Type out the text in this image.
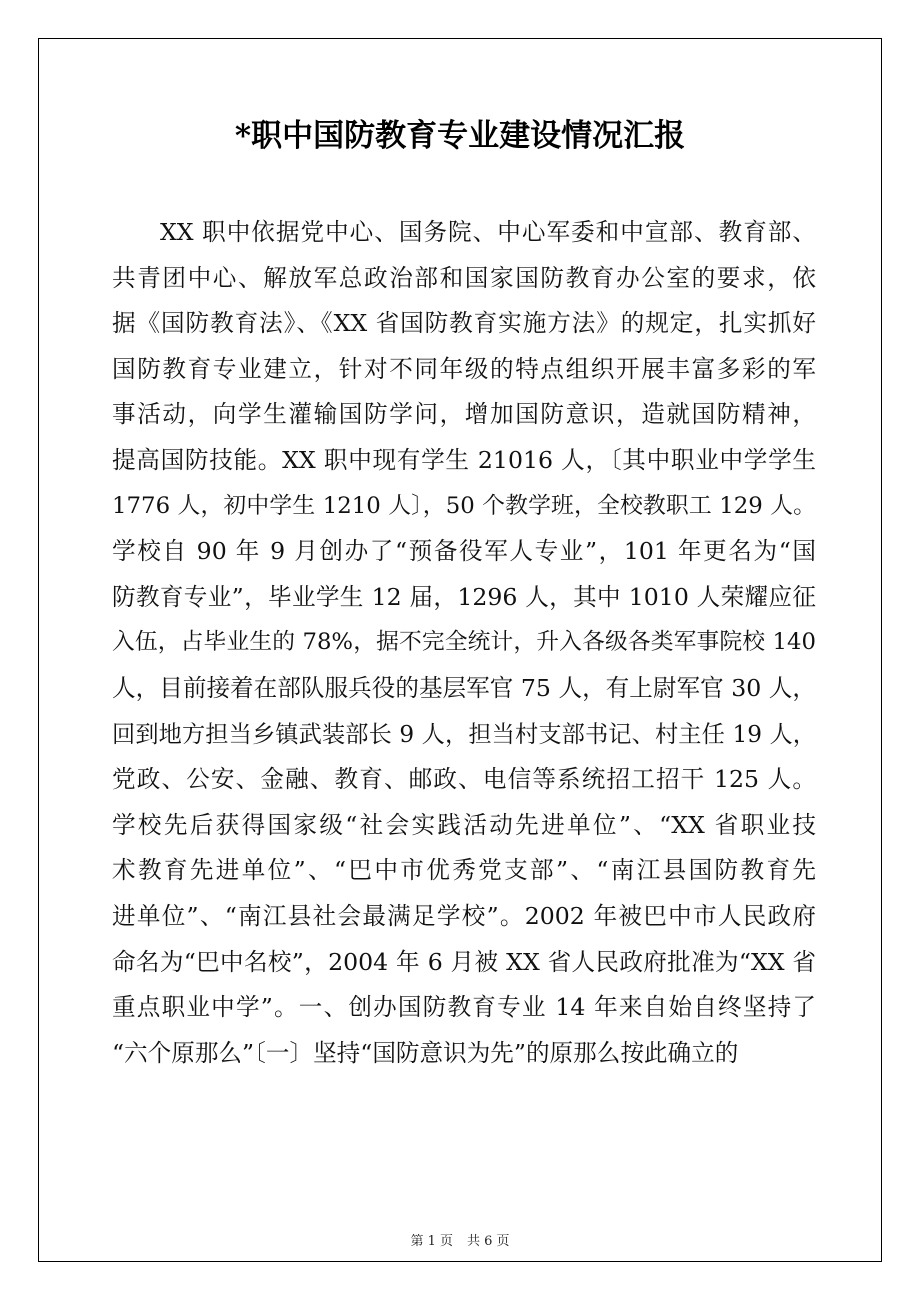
*职中国防教育专业建设情况汇报
XX 职中依据党中心、国务院、中心军委和中宣部、教育部、
共青团中心、解放军总政治部和国家国防教育办公室的要求，依
据《国防教育法》、《XX 省国防教育实施方法》的规定，扎实抓好
国防教育专业建立，针对不同年级的特点组织开展丰富多彩的军
事活动，向学生灌输国防学问，增加国防意识，造就国防精神，
提高国防技能。XX 职中现有学生 21016 人，〔其中职业中学学生
1776 人，初中学生 1210 人〕，50 个教学班，全校教职工 129 人。
学校自 90 年 9 月创办了“预备役军人专业”，101 年更名为“国
防教育专业”，毕业学生 12 届，1296 人，其中 1010 人荣耀应征
入伍，占毕业生的 78%，据不完全统计，升入各级各类军事院校 140
人，目前接着在部队服兵役的基层军官 75 人，有上尉军官 30 人，
回到地方担当乡镇武装部长 9 人，担当村支部书记、村主任 19 人，
党政、公安、金融、教育、邮政、电信等系统招工招干 125 人。
学校先后获得国家级“社会实践活动先进单位”、“XX 省职业技
术教育先进单位”、“巴中市优秀党支部”、“南江县国防教育先
进单位”、“南江县社会最满足学校”。2002 年被巴中市人民政府
命名为“巴中名校”，2004 年 6 月被 XX 省人民政府批准为“XX 省
重点职业中学”。一、创办国防教育专业 14 年来自始自终坚持了
“六个原那么”〔一〕坚持“国防意识为先”的原那么按此确立的
第 1 页 共 6 页
